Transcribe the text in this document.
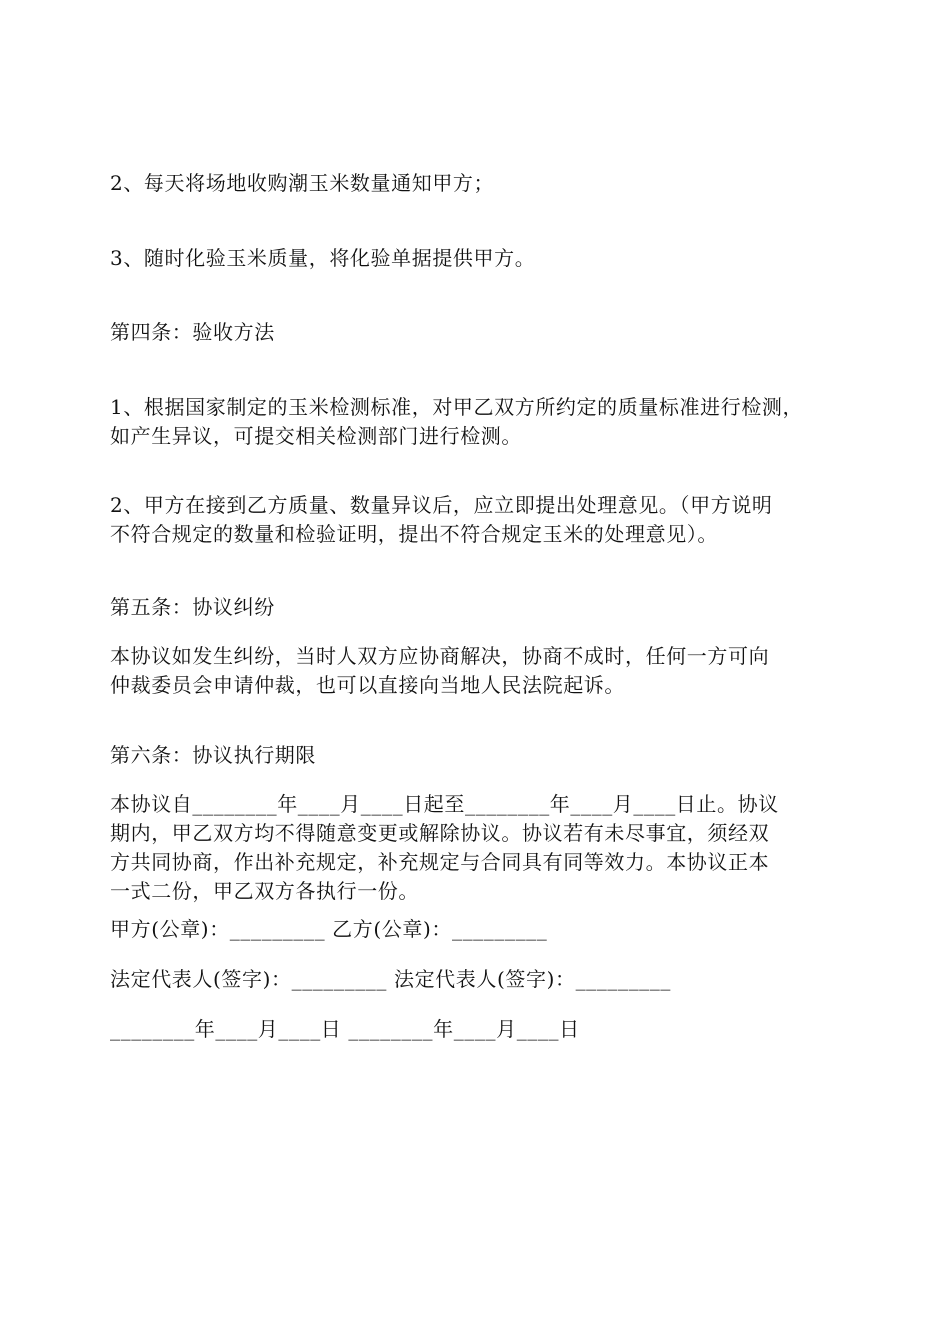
2、每天将场地收购潮玉米数量通知甲方；
3、随时化验玉米质量，将化验单据提供甲方。
第四条：验收方法
1、根据国家制定的玉米检测标准，对甲乙双方所约定的质量标准进行检测，
如产生异议，可提交相关检测部门进行检测。
2、甲方在接到乙方质量、数量异议后，应立即提出处理意见。（甲方说明
不符合规定的数量和检验证明，提出不符合规定玉米的处理意见）。
第五条：协议纠纷
本协议如发生纠纷，当时人双方应协商解决，协商不成时，任何一方可向
仲裁委员会申请仲裁，也可以直接向当地人民法院起诉。
第六条：协议执行期限
本协议自________年____月____日起至________年____月____日止。协议
期内，甲乙双方均不得随意变更或解除协议。协议若有未尽事宜，须经双
方共同协商，作出补充规定，补充规定与合同具有同等效力。本协议正本
一式二份，甲乙双方各执行一份。
甲方(公章)：_________ 乙方(公章)：_________
法定代表人(签字)：_________ 法定代表人(签字)：_________
________年____月____日 ________年____月____日
